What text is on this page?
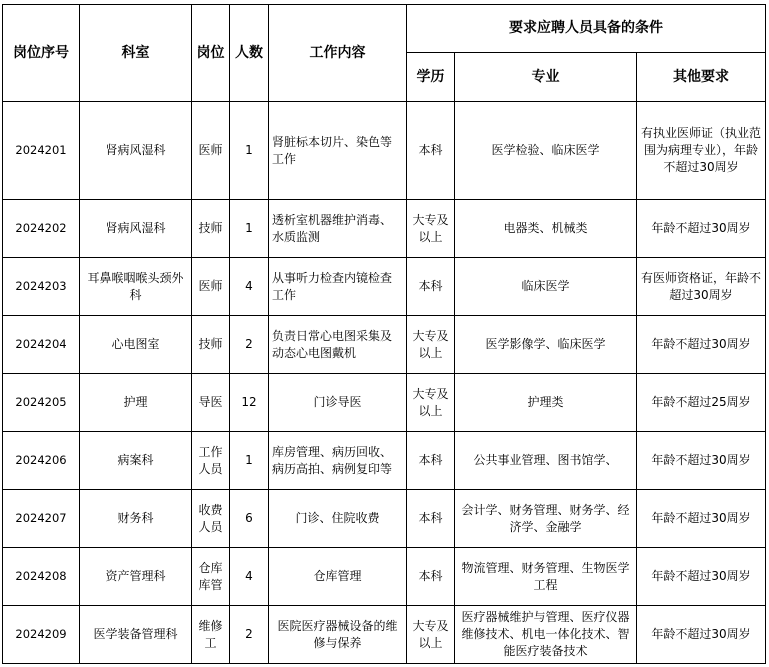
岗位序号	科室	岗位	人数	工作内容	要求应聘人员具备的条件		
					学历	专业	其他要求
2024201	肾病风湿科	医师	1	肾脏标本切片、染色等工作	本科	医学检验、临床医学	有执业医师证（执业范围为病理专业），年龄不超过30周岁
2024202	肾病风湿科	技师	1	透析室机器维护消毒、水质监测	大专及以上	电器类、机械类	年龄不超过30周岁
2024203	耳鼻喉咽喉头颈外科	医师	4	从事听力检查内镜检查工作	本科	临床医学	有医师资格证，年龄不超过30周岁
2024204	心电图室	技师	2	负责日常心电图采集及动态心电图戴机	大专及以上	医学影像学、临床医学	年龄不超过30周岁
2024205	护理	导医	12	门诊导医	大专及以上	护理类	年龄不超过25周岁
2024206	病案科	工作人员	1	库房管理、病历回收、病历高拍、病例复印等	本科	公共事业管理、图书馆学、	年龄不超过30周岁
2024207	财务科	收费人员	6	门诊、住院收费	本科	会计学、财务管理、财务学、经济学、金融学	年龄不超过30周岁
2024208	资产管理科	仓库库管	4	仓库管理	本科	物流管理、财务管理、生物医学工程	年龄不超过30周岁
2024209	医学装备管理科	维修工	2	医院医疗器械设备的维修与保养	大专及以上	医疗器械维护与管理、医疗仪器维修技术、机电一体化技术、智能医疗装备技术	年龄不超过30周岁
